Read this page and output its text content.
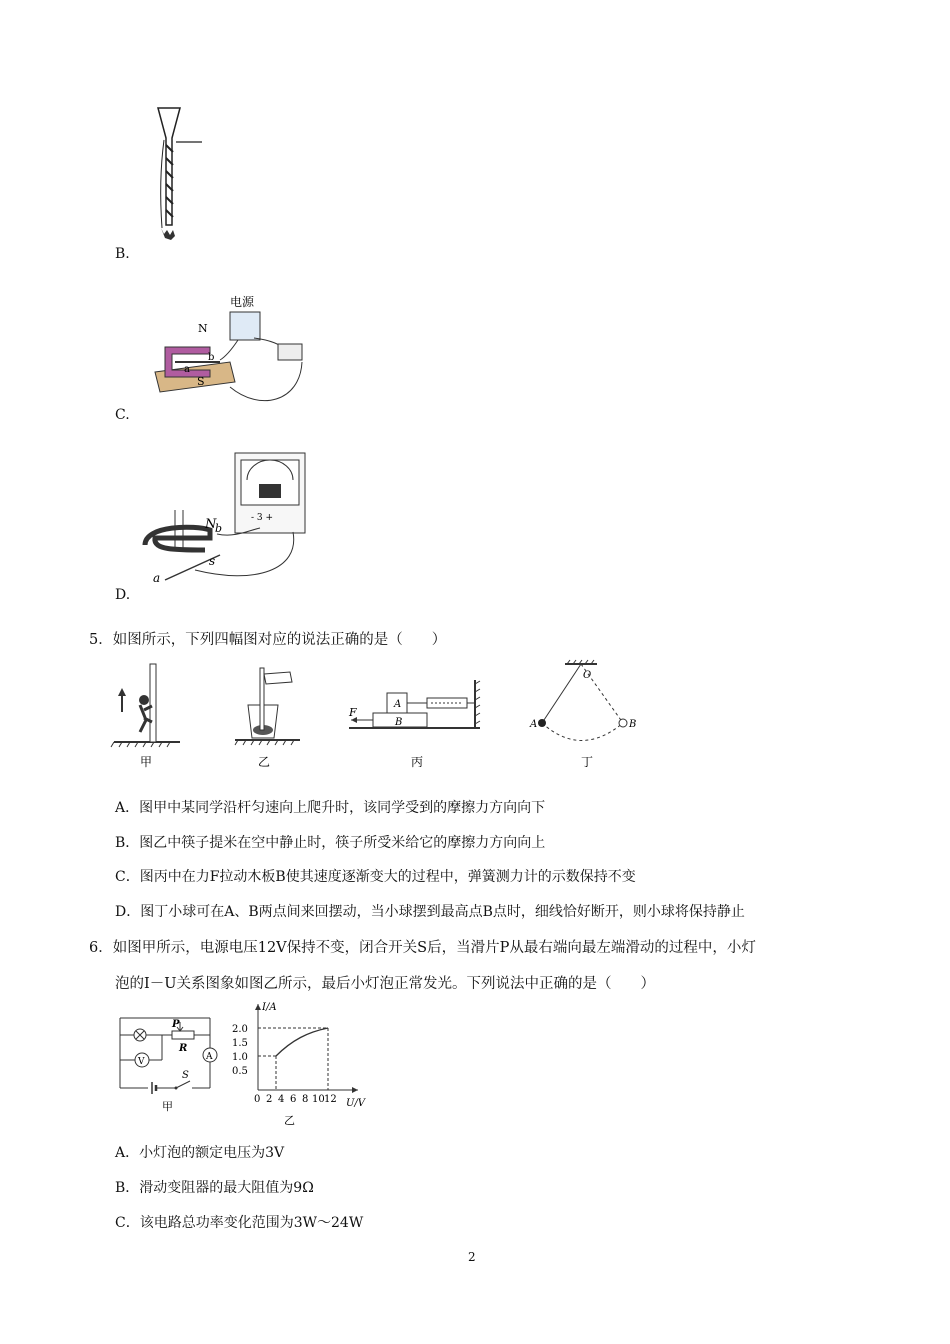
B.
电源
N
S
b
a
C.
- 3 +
N
b
s
a
D.
5．如图所示，下列四幅图对应的说法正确的是（　　）
甲	乙
A
B
F
丙
O
A	B
丁
A．图甲中某同学沿杆匀速向上爬升时，该同学受到的摩擦力方向向下
B．图乙中筷子提米在空中静止时，筷子所受米给它的摩擦力方向向上
C．图丙中在力F拉动木板B使其速度逐渐变大的过程中，弹簧测力计的示数保持不变
D．图丁小球可在A、B两点间来回摆动，当小球摆到最高点B点时，细线恰好断开，则小球将保持静止
6．如图甲所示，电源电压12V保持不变，闭合开关S后，当滑片P从最右端向最左端滑动的过程中，小灯
泡的I－U关系图象如图乙所示，最后小灯泡正常发光。下列说法中正确的是（　　）
S
P
R
V	A
甲
I/A
U/V
2.0
1.5
1.0
0.5
0 2 4 6 8 10 12
乙
A．小灯泡的额定电压为3V
B．滑动变阻器的最大阻值为9Ω
C．该电路总功率变化范围为3W～24W
2
